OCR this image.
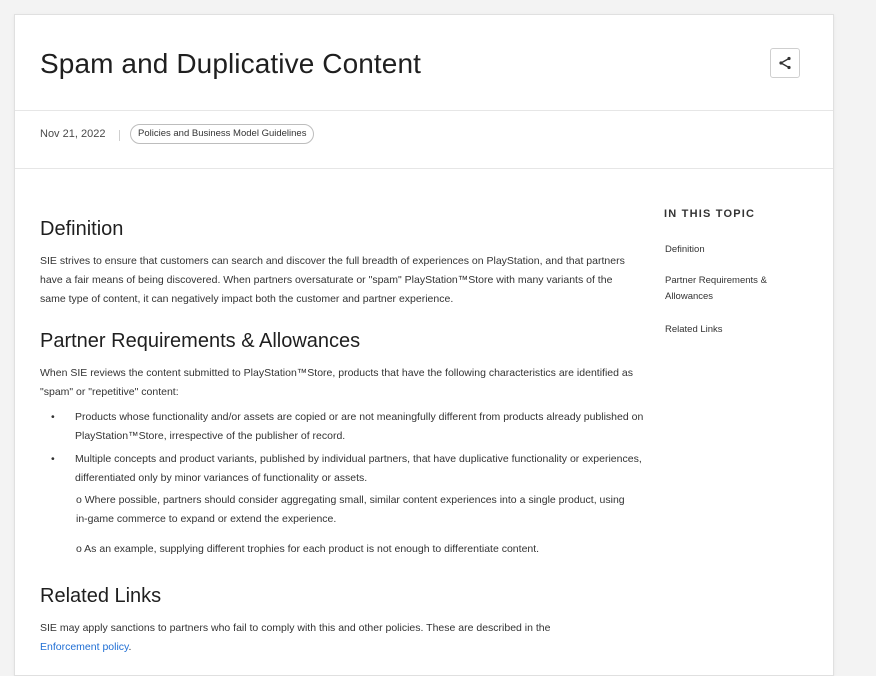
Spam and Duplicative Content
Nov 21, 2022	Policies and Business Model Guidelines
Definition

SIE strives to ensure that customers can search and discover the full breadth of experiences on PlayStation, and that partners have a fair means of being discovered. When partners oversaturate or "spam" PlayStation™Store with many variants of the same type of content, it can negatively impact both the customer and partner experience.

Partner Requirements & Allowances

When SIE reviews the content submitted to PlayStation™Store, products that have the following characteristics are identified as "spam" or "repetitive" content:

• Products whose functionality and/or assets are copied or are not meaningfully different from products already published on PlayStation™Store, irrespective of the publisher of record.
• Multiple concepts and product variants, published by individual partners, that have duplicative functionality or experiences, differentiated only by minor variances of functionality or assets.
o Where possible, partners should consider aggregating small, similar content experiences into a single product, using in-game commerce to expand or extend the experience.
o As an example, supplying different trophies for each product is not enough to differentiate content.
Related Links

SIE may apply sanctions to partners who fail to comply with this and other policies. These are described in the
Enforcement policy.

IN THIS TOPIC
Definition
Partner Requirements & Allowances
Related Links
